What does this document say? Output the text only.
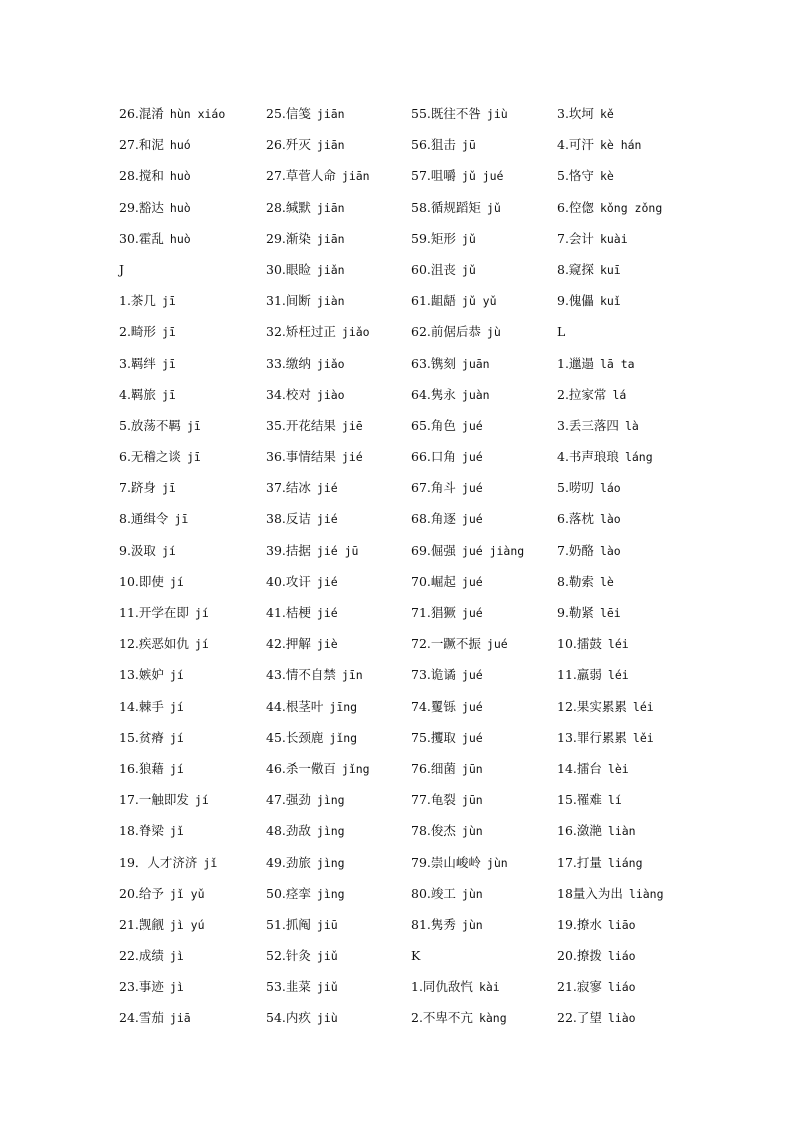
26.混淆 hùn xiáo
27.和泥 huó
28.搅和 huò
29.豁达 huò
30.霍乱 huò
J
1.茶几 jī
2.畸形 jī
3.羁绊 jī
4.羁旅 jī
5.放荡不羁 jī
6.无稽之谈 jī
7.跻身 jī
8.通缉令 jī
9.汲取 jí
10.即使 jí
11.开学在即 jí
12.疾恶如仇 jí
13.嫉妒 jí
14.棘手 jí
15.贫瘠 jí
16.狼藉 jí
17.一触即发 jí
18.脊梁 jǐ
19．人才济济 jǐ
20.给予 jǐ yǔ
21.觊觎 jì yú
22.成绩 jì
23.事迹 jì
24.雪茄 jiā
25.信笺 jiān
26.歼灭 jiān
27.草菅人命 jiān
28.缄默 jiān
29.渐染 jiān
30.眼睑 jiǎn
31.间断 jiàn
32.矫枉过正 jiǎo
33.缴纳 jiǎo
34.校对 jiào
35.开花结果 jiē
36.事情结果 jié
37.结冰 jié
38.反诘 jié
39.拮据 jié jū
40.攻讦 jié
41.桔梗 jié
42.押解 jiè
43.情不自禁 jīn
44.根茎叶 jīng
45.长颈鹿 jǐng
46.杀一儆百 jǐng
47.强劲 jìng
48.劲敌 jìng
49.劲旅 jìng
50.痉挛 jìng
51.抓阄 jiū
52.针灸 jiǔ
53.韭菜 jiǔ
54.内疚 jiù
55.既往不咎 jiù
56.狙击 jū
57.咀嚼 jǔ jué
58.循规蹈矩 jǔ
59.矩形 jǔ
60.沮丧 jǔ
61.龃龉 jǔ yǔ
62.前倨后恭 jù
63.镌刻 juān
64.隽永 juàn
65.角色 jué
66.口角 jué
67.角斗 jué
68.角逐 jué
69.倔强 jué jiàng
70.崛起 jué
71.猖獗 jué
72.一蹶不振 jué
73.诡谲 jué
74.矍铄 jué
75.攫取 jué
76.细菌 jūn
77.龟裂 jūn
78.俊杰 jùn
79.崇山峻岭 jùn
80.竣工 jùn
81.隽秀 jùn
K
1.同仇敌忾 kài
2.不卑不亢 kàng
3.坎坷 kě
4.可汗 kè hán
5.恪守 kè
6.倥偬 kǒng zǒng
7.会计 kuài
8.窥探 kuī
9.傀儡 kuǐ
L
1.邋遢 lā ta
2.拉家常 lá
3.丢三落四 là
4.书声琅琅 láng
5.唠叨 láo
6.落枕 lào
7.奶酪 lào
8.勒索 lè
9.勒紧 lēi
10.擂鼓 léi
11.羸弱 léi
12.果实累累 léi
13.罪行累累 lěi
14.擂台 lèi
15.罹难 lí
16.潋滟 liàn
17.打量 liáng
18量入为出 liàng
19.撩水 liāo
20.撩拨 liáo
21.寂寥 liáo
22.了望 liào
